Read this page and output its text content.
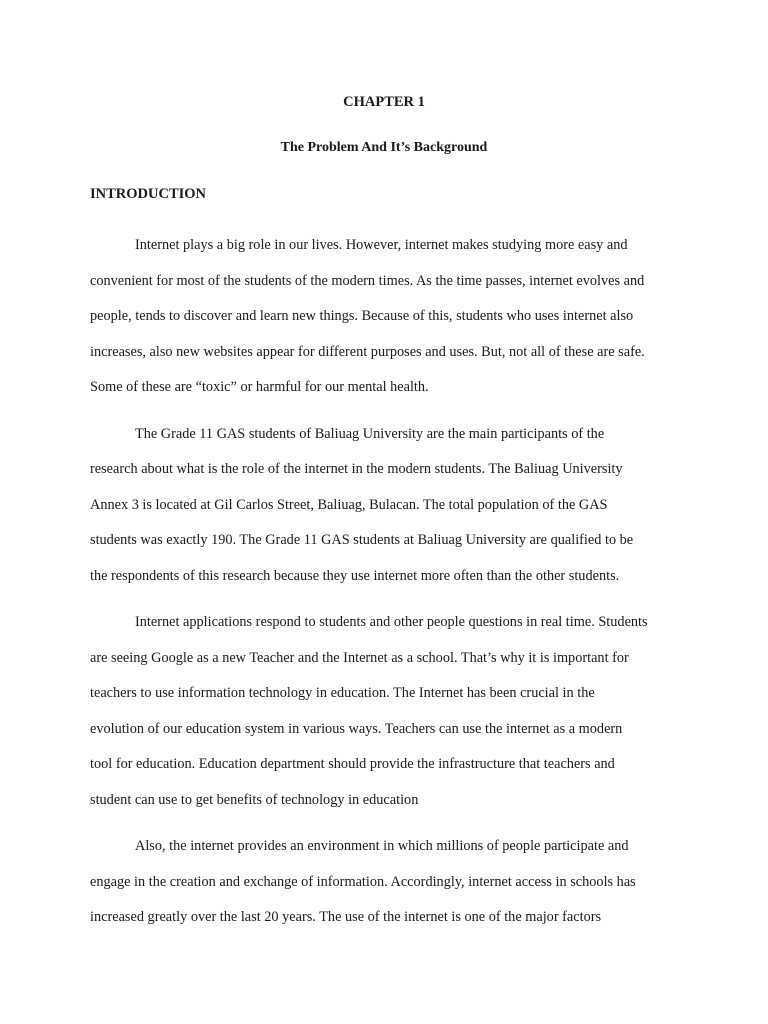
CHAPTER 1
The Problem And It’s Background
INTRODUCTION

Internet plays a big role in our lives. However, internet makes studying more easy and
convenient for most of the students of the modern times. As the time passes, internet evolves and
people, tends to discover and learn new things. Because of this, students who uses internet also
increases, also new websites appear for different purposes and uses. But, not all of these are safe.
Some of these are “toxic” or harmful for our mental health.

The Grade 11 GAS students of Baliuag University are the main participants of the
research about what is the role of the internet in the modern students. The Baliuag University
Annex 3 is located at Gil Carlos Street, Baliuag, Bulacan. The total population of the GAS
students was exactly 190. The Grade 11 GAS students at Baliuag University are qualified to be
the respondents of this research because they use internet more often than the other students.

Internet applications respond to students and other people questions in real time. Students
are seeing Google as a new Teacher and the Internet as a school. That’s why it is important for
teachers to use information technology in education. The Internet has been crucial in the
evolution of our education system in various ways. Teachers can use the internet as a modern
tool for education. Education department should provide the infrastructure that teachers and
student can use to get benefits of technology in education

Also, the internet provides an environment in which millions of people participate and
engage in the creation and exchange of information. Accordingly, internet access in schools has
increased greatly over the last 20 years. The use of the internet is one of the major factors
